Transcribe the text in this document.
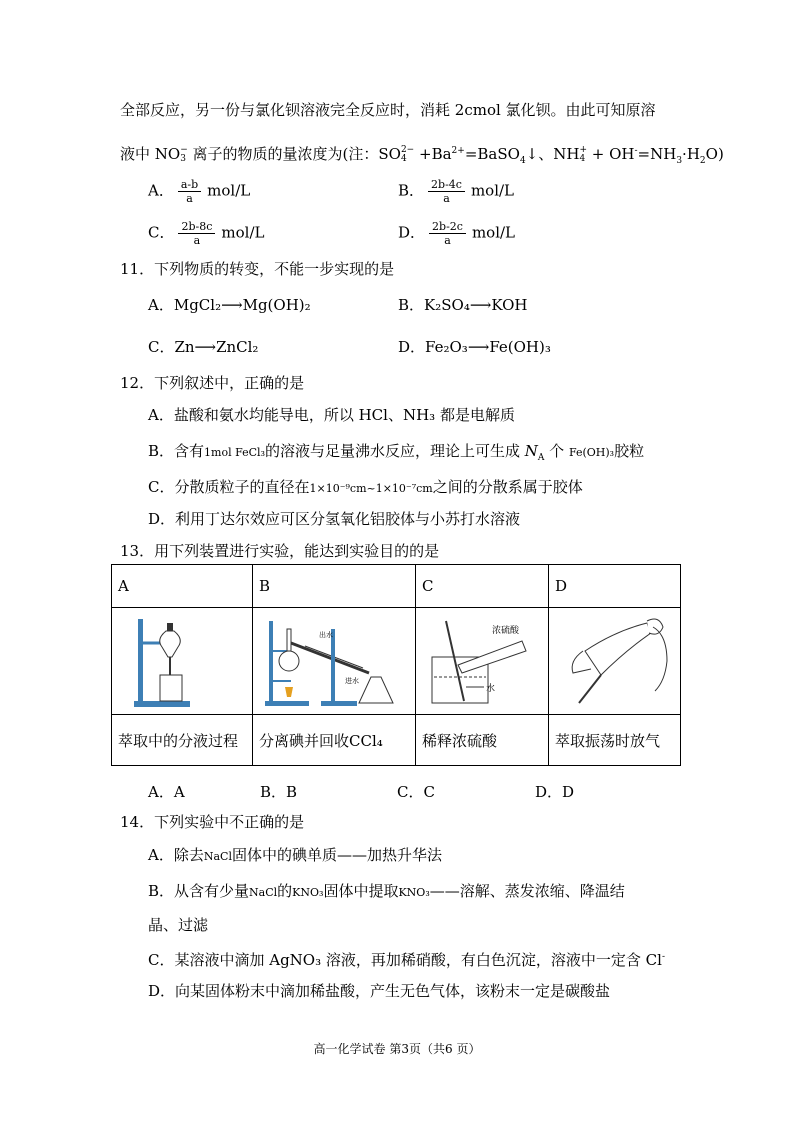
全部反应，另一份与氯化钡溶液完全反应时，消耗 2cmol 氯化钡。由此可知原溶
液中 NO −
3 离子的物质的量浓度为(注：SO 2−
$4 +Ba^{2+}=BaSO_4↓$、NH +
$4 + OH^-=NH_3\cdot H_2O$)
A． $\frac{a-b}{a} mol/L$	B． $\frac{2b-4c}{a} mol/L$
C． $\frac{2b-8c}{a} mol/L$	D． $\frac{2b-2c}{a} mol/L$
11．下列物质的转变，不能一步实现的是
A．MgCl₂⟶Mg(OH)₂	B．K₂SO₄⟶KOH
C．Zn⟶ZnCl₂	D．Fe₂O₃⟶Fe(OH)₃
12．下列叙述中，正确的是
A．盐酸和氨水均能导电，所以 HCl、NH₃ 都是电解质
B．含有1mol FeCl₃的溶液与足量沸水反应，理论上可生成 $N_A$ 个 Fe(OH)₃胶粒
C．分散质粒子的直径在1×10⁻⁹cm~1×10⁻⁷cm之间的分散系属于胶体
D．利用丁达尔效应可区分氢氧化铝胶体与小苏打水溶液
13．用下列装置进行实验，能达到实验目的的是
A	B	C	D

出水
进水	浓硫酸
水

萃取中的分液过程	分离碘并回收CCl₄	稀释浓硫酸	萃取振荡时放气
A．A	B．B	C．C	D．D
14．下列实验中不正确的是
A．除去NaCl固体中的碘单质——加热升华法
B．从含有少量NaCl的KNO₃固体中提取KNO₃——溶解、蒸发浓缩、降温结
晶、过滤
C．某溶液中滴加 AgNO₃ 溶液，再加稀硝酸，有白色沉淀，溶液中一定含 Cl-
D．向某固体粉末中滴加稀盐酸，产生无色气体，该粉末一定是碳酸盐
高一化学试卷 第3页（共6 页）
